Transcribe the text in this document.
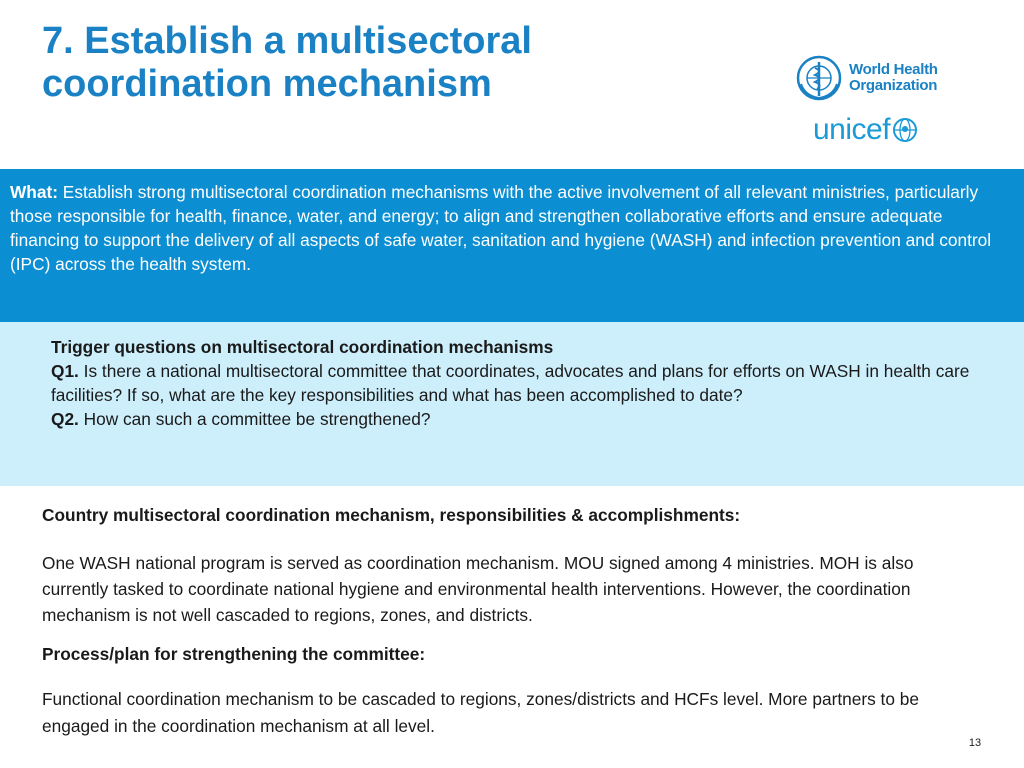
7. Establish a multisectoral coordination mechanism	World Health
Organization
unicef

What: Establish strong multisectoral coordination mechanisms with the active involvement of all relevant ministries, particularly those responsible for health, finance, water, and energy; to align and strengthen collaborative efforts and ensure adequate financing to support the delivery of all aspects of safe water, sanitation and hygiene (WASH) and infection prevention and control (IPC) across the health system.

Trigger questions on multisectoral coordination mechanisms
Q1. Is there a national multisectoral committee that coordinates, advocates and plans for efforts on WASH in health care facilities? If so, what are the key responsibilities and what has been accomplished to date?
Q2. How can such a committee be strengthened?

Country multisectoral coordination mechanism, responsibilities & accomplishments:

One WASH national program is served as coordination mechanism. MOU signed among 4 ministries. MOH is also currently tasked to coordinate national hygiene and environmental health interventions. However, the coordination mechanism is not well cascaded to regions, zones, and districts.

Process/plan for strengthening the committee:

Functional coordination mechanism to be cascaded to regions, zones/districts and HCFs level. More partners to be engaged in the coordination mechanism at all level.

13
